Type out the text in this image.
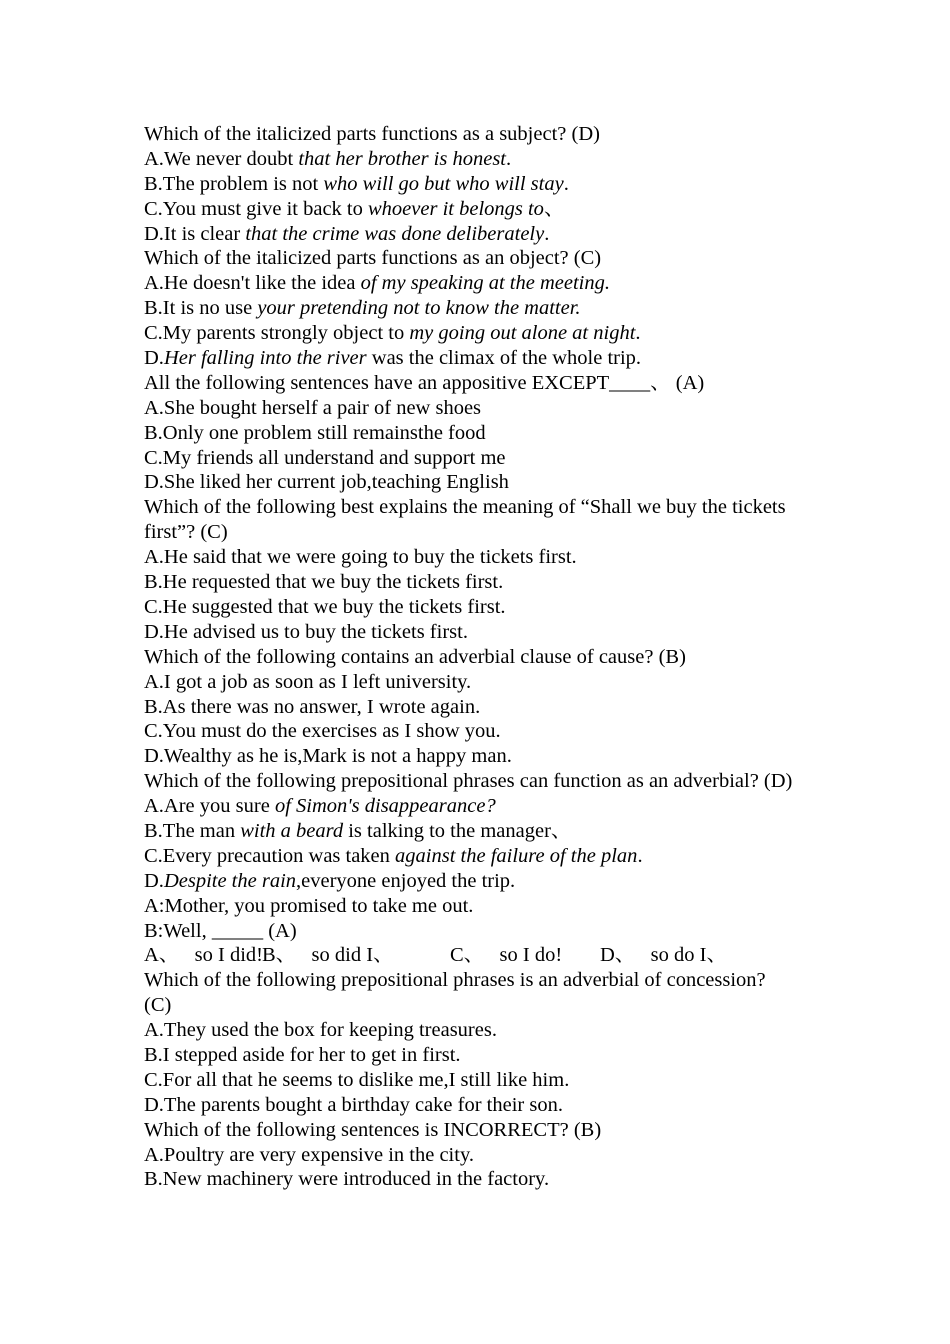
Which of the italicized parts functions as a subject? (D)
A.We never doubt that her brother is honest.
B.The problem is not who will go but who will stay.
C.You must give it back to whoever it belongs to、
D.It is clear that the crime was done deliberately.
Which of the italicized parts functions as an object? (C)
A.He doesn't like the idea of my speaking at the meeting.
B.It is no use your pretending not to know the matter.
C.My parents strongly object to my going out alone at night.
D.Her falling into the river was the climax of the whole trip.
All the following sentences have an appositive EXCEPT____、 (A)
A.She bought herself a pair of new shoes
B.Only one problem still remainsthe food
C.My friends all understand and support me
D.She liked her current job,teaching English
Which of the following best explains the meaning of “Shall we buy the tickets first”? (C)
A.He said that we were going to buy the tickets first.
B.He requested that we buy the tickets first.
C.He suggested that we buy the tickets first.
D.He advised us to buy the tickets first.
Which of the following contains an adverbial clause of cause? (B)
A.I got a job as soon as I left university.
B.As there was no answer, I wrote again.
C.You must do the exercises as I show you.
D.Wealthy as he is,Mark is not a happy man.
Which of the following prepositional phrases can function as an adverbial? (D)
A.Are you sure of Simon's disappearance?
B.The man with a beard is talking to the manager、
C.Every precaution was taken against the failure of the plan.
D.Despite the rain,everyone enjoyed the trip.
A:Mother, you promised to take me out.
B:Well, _____ (A)
A、   so I did!B、   so did I、	C、   so I do! D、   so do I、
Which of the following prepositional phrases is an adverbial of concession? (C)
A.They used the box for keeping treasures.
B.I stepped aside for her to get in first.
C.For all that he seems to dislike me,I still like him.
D.The parents bought a birthday cake for their son.
Which of the following sentences is INCORRECT? (B)
A.Poultry are very expensive in the city.
B.New machinery were introduced in the factory.
